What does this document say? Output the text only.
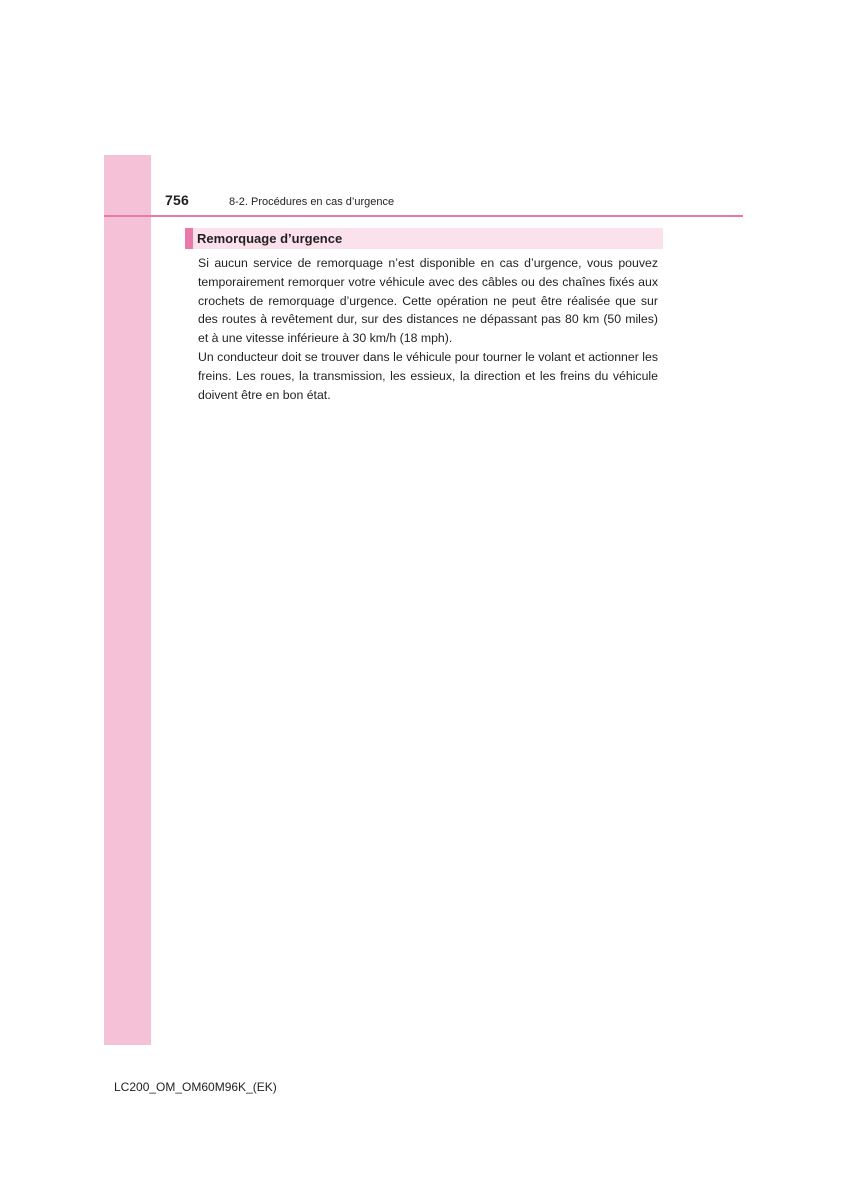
756	8-2. Procédures en cas d’urgence
Remorquage d’urgence

Si aucun service de remorquage n’est disponible en cas d’urgence, vous pouvez temporairement remorquer votre véhicule avec des câbles ou des chaînes fixés aux crochets de remorquage d’urgence. Cette opération ne peut être réalisée que sur des routes à revêtement dur, sur des distances ne dépassant pas 80 km (50 miles) et à une vitesse inférieure à 30 km/h (18 mph).

Un conducteur doit se trouver dans le véhicule pour tourner le volant et actionner les freins. Les roues, la transmission, les essieux, la direction et les freins du véhicule doivent être en bon état.

LC200_OM_OM60M96K_(EK)
